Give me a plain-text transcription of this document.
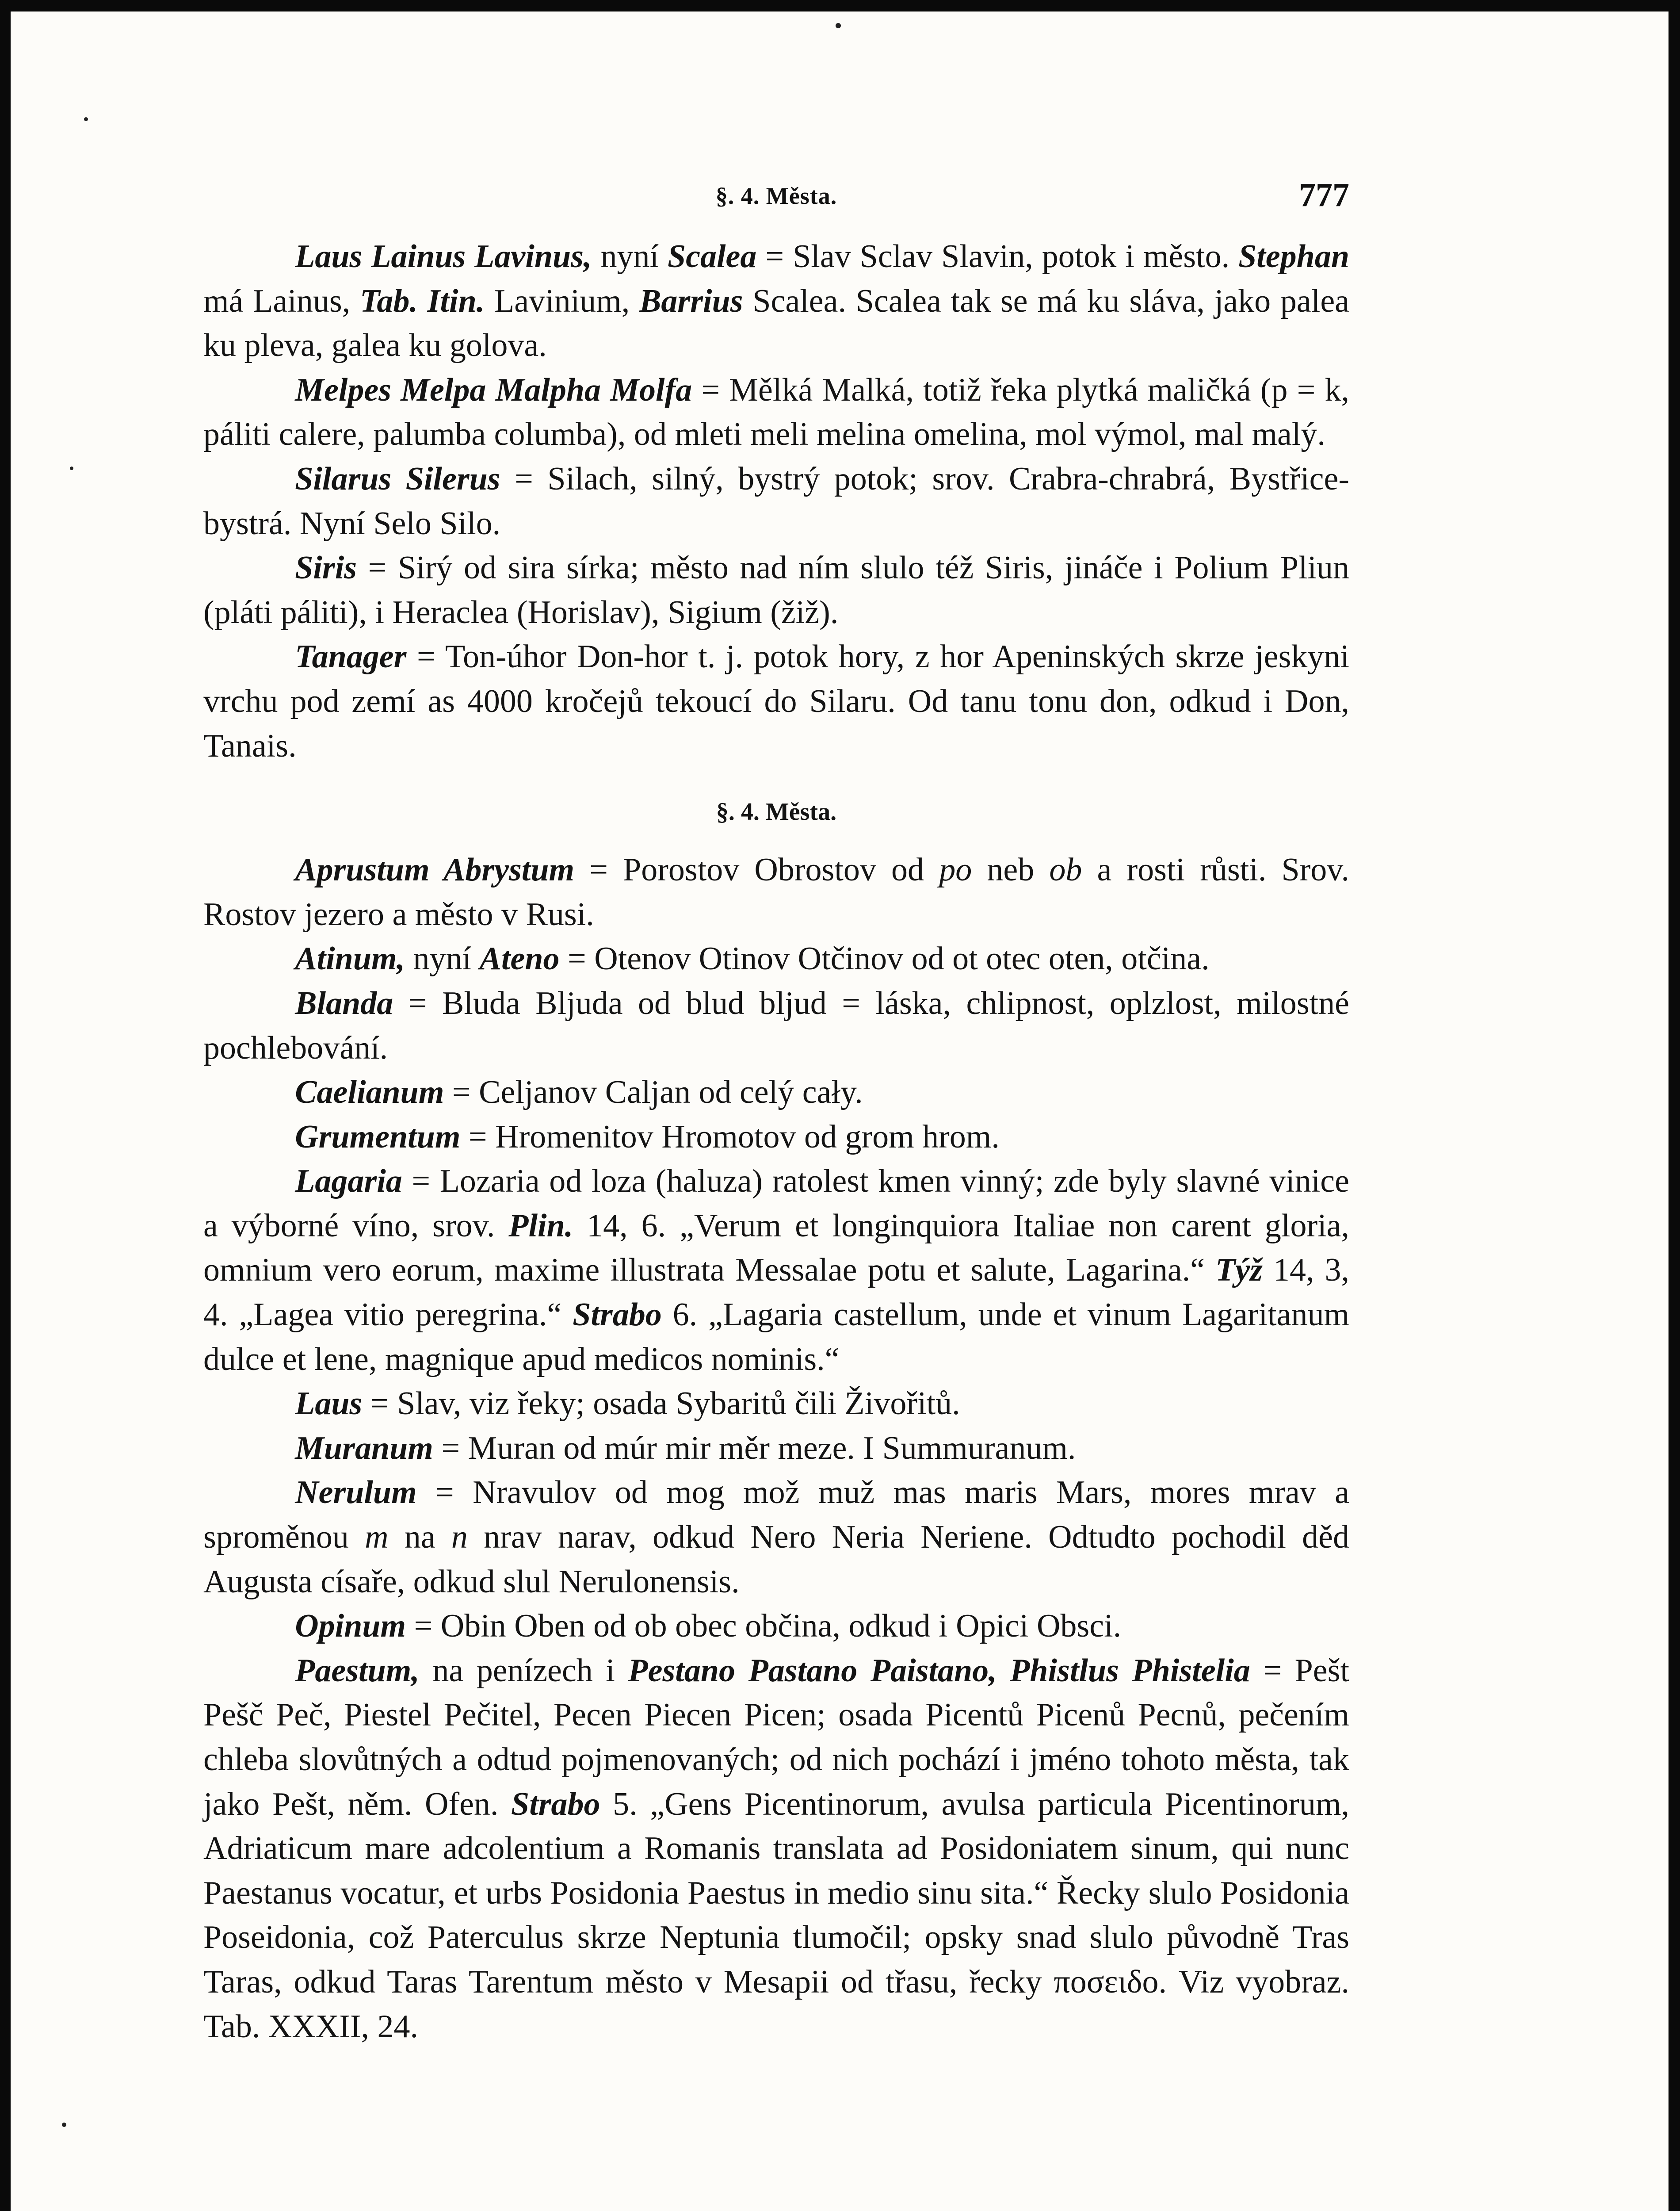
§. 4. Města.	777

Laus Lainus Lavinus, nyní Scalea = Slav Sclav Slavin, potok i město. Stephan má Lainus, Tab. Itin. Lavinium, Barrius Scalea. Scalea tak se má ku sláva, jako palea ku pleva, galea ku golova.

Melpes Melpa Malpha Molfa = Mělká Malká, totiž řeka plytká maličká (p = k, páliti calere, palumba columba), od mleti meli melina omelina, mol výmol, mal malý.

Silarus Silerus = Silach, silný, bystrý potok; srov. Crabra-chrabrá, Bystřice-bystrá. Nyní Selo Silo.

Siris = Sirý od sira sírka; město nad ním slulo též Siris, jináče i Polium Pliun (pláti páliti), i Heraclea (Horislav), Sigium (žiž).

Tanager = Ton-úhor Don-hor t. j. potok hory, z hor Apeninských skrze jeskyni vrchu pod zemí as 4000 kročejů tekoucí do Silaru. Od tanu tonu don, odkud i Don, Tanais.

§. 4. Města.

Aprustum Abrystum = Porostov Obrostov od po neb ob a rosti růsti. Srov. Rostov jezero a město v Rusi.

Atinum, nyní Ateno = Otenov Otinov Otčinov od ot otec oten, otčina.

Blanda = Bluda Bljuda od blud bljud = láska, chlipnost, oplzlost, milostné pochlebování.

Caelianum = Celjanov Caljan od celý cały.

Grumentum = Hromenitov Hromotov od grom hrom.

Lagaria = Lozaria od loza (haluza) ratolest kmen vinný; zde byly slavné vinice a výborné víno, srov. Plin. 14, 6. „Verum et longinquiora Italiae non carent gloria, omnium vero eorum, maxime illustrata Messalae potu et salute, Lagarina.“ Týž 14, 3, 4. „Lagea vitio peregrina.“ Strabo 6. „Lagaria castellum, unde et vinum Lagaritanum dulce et lene, magnique apud medicos nominis.“

Laus = Slav, viz řeky; osada Sybaritů čili Živořitů.

Muranum = Muran od múr mir měr meze. I Summuranum.

Nerulum = Nravulov od mog mož muž mas maris Mars, mores mrav a sproměnou m na n nrav narav, odkud Nero Neria Neriene. Odtudto pochodil děd Augusta císaře, odkud slul Nerulonensis.

Opinum = Obin Oben od ob obec občina, odkud i Opici Obsci.

Paestum, na penízech i Pestano Pastano Paistano, Phistlus Phistelia = Pešt Pešč Peč, Piestel Pečitel, Pecen Piecen Picen; osada Picentů Picenů Pecnů, pečením chleba slovůtných a odtud pojmenovaných; od nich pochází i jméno tohoto města, tak jako Pešt, něm. Ofen. Strabo 5. „Gens Picentinorum, avulsa particula Picentinorum, Adriaticum mare adcolentium a Romanis translata ad Posidoniatem sinum, qui nunc Paestanus vocatur, et urbs Posidonia Paestus in medio sinu sita.“ Řecky slulo Posidonia Poseidonia, což Paterculus skrze Neptunia tlumočil; opsky snad slulo původně Tras Taras, odkud Taras Tarentum město v Mesapii od třasu, řecky ποσειδο. Viz vyobraz. Tab. XXXII, 24.
